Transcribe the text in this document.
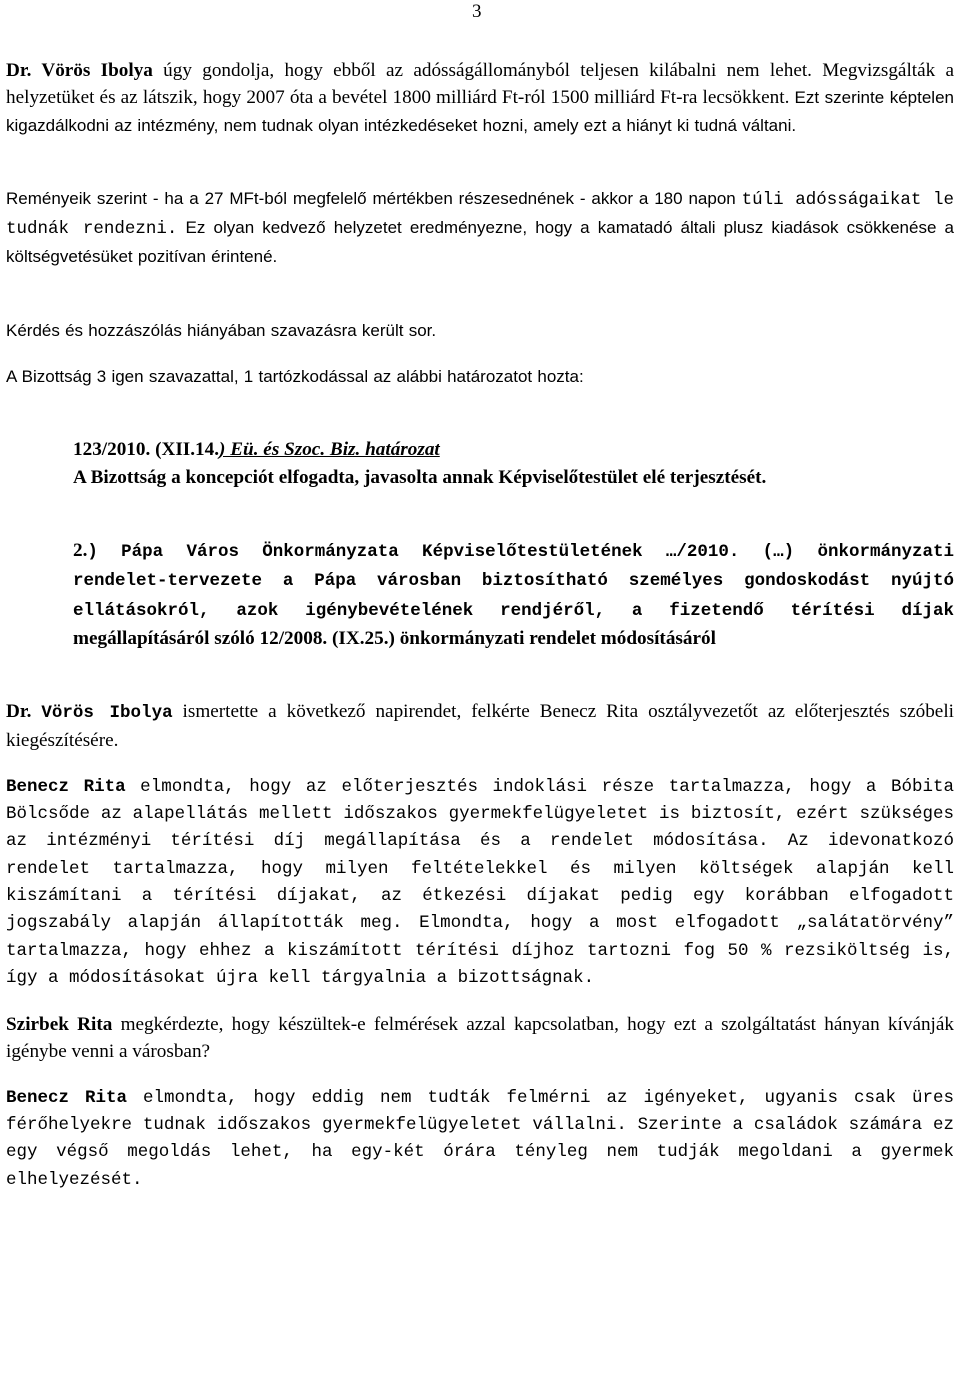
3

Dr. Vörös Ibolya úgy gondolja, hogy ebből az adósságállományból teljesen kilábalni nem lehet. Megvizsgálták a helyzetüket és az látszik, hogy 2007 óta a bevétel 1800 milliárd Ft-ról 1500 milliárd Ft-ra lecsökkent. Ezt szerinte képtelen kigazdálkodni az intézmény, nem tudnak olyan intézkedéseket hozni, amely ezt a hiányt ki tudná váltani.

Reményeik szerint - ha a 27 MFt-ból megfelelő mértékben részesednének - akkor a 180 napon túli adósságaikat le tudnák rendezni. Ez olyan kedvező helyzetet eredményezne, hogy a kamatadó általi plusz kiadások csökkenése a költségvetésüket pozitívan érintené.

Kérdés és hozzászólás hiányában szavazásra került sor.

A Bizottság 3 igen szavazattal, 1 tartózkodással az alábbi határozatot hozta:

123/2010. (XII.14.) Eü. és Szoc. Biz. határozat

A Bizottság a koncepciót elfogadta, javasolta annak Képviselőtestület elé terjesztését.

2.) Pápa Város Önkormányzata Képviselőtestületének …/2010. (…) önkormányzati rendelet-tervezete a Pápa városban biztosítható személyes gondoskodást nyújtó ellátásokról, azok igénybevételének rendjéről, a fizetendő térítési díjak megállapításáról szóló 12/2008. (IX.25.) önkormányzati rendelet módosításáról

Dr. Vörös Ibolya ismertette a következő napirendet, felkérte Benecz Rita osztályvezetőt az előterjesztés szóbeli kiegészítésére.

Benecz Rita elmondta, hogy az előterjesztés indoklási része tartalmazza, hogy a Bóbita Bölcsőde az alapellátás mellett időszakos gyermekfelügyeletet is biztosít, ezért szükséges az intézményi térítési díj megállapítása és a rendelet módosítása. Az idevonatkozó rendelet tartalmazza, hogy milyen feltételekkel és milyen költségek alapján kell kiszámítani a térítési díjakat, az étkezési díjakat pedig egy korábban elfogadott jogszabály alapján állapították meg. Elmondta, hogy a most elfogadott „salátatörvény” tartalmazza, hogy ehhez a kiszámított térítési díjhoz tartozni fog 50 % rezsiköltség is, így a módosításokat újra kell tárgyalnia a bizottságnak.

Szirbek Rita megkérdezte, hogy készültek-e felmérések azzal kapcsolatban, hogy ezt a szolgáltatást hányan kívánják igénybe venni a városban?

Benecz Rita elmondta, hogy eddig nem tudták felmérni az igényeket, ugyanis csak üres férőhelyekre tudnak időszakos gyermekfelügyeletet vállalni. Szerinte a családok számára ez egy végső megoldás lehet, ha egy-két órára tényleg nem tudják megoldani a gyermek elhelyezését.
